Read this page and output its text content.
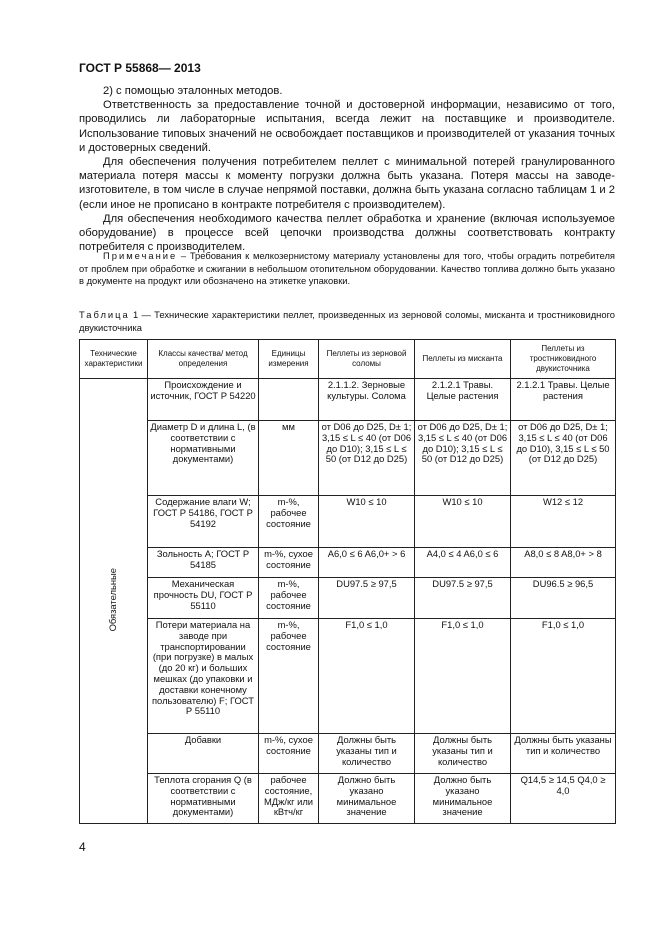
ГОСТ Р 55868— 2013

2) с помощью эталонных методов.

Ответственность за предоставление точной и достоверной информации, независимо от того, проводились ли лабораторные испытания, всегда лежит на поставщике и производителе. Использование типовых значений не освобождает поставщиков и производителей от указания точных и достоверных сведений.

Для обеспечения получения потребителем пеллет с минимальной потерей гранулированного материала потеря массы к моменту погрузки должна быть указана. Потеря массы на заводе-изготовителе, в том числе в случае непрямой поставки, должна быть указана согласно таблицам 1 и 2 (если иное не прописано в контракте потребителя с производителем).

Для обеспечения необходимого качества пеллет обработка и хранение (включая используемое оборудование) в процессе всей цепочки производства должны соответствовать контракту потребителя с производителем.

Примечание – Требования к мелкозернистому материалу установлены для того, чтобы оградить потребителя от проблем при обработке и сжигании в небольшом отопительном оборудовании. Качество топлива должно быть указано в документе на продукт или обозначено на этикетке упаковки.

Таблица 1 — Технические характеристики пеллет, произведенных из зерновой соломы, мисканта и тростниковидного двукисточника
Технические характеристики	Классы качества/ метод определения	Единицы измерения	Пеллеты из зерновой соломы	Пеллеты из мисканта	Пеллеты из тростниковидного двукисточника
Обязательные	Происхождение и источник, ГОСТ Р 54220		2.1.1.2. Зерновые культуры. Солома	2.1.2.1 Травы. Целые растения	2.1.2.1 Травы. Целые растения
	Диаметр D и длина L, (в соответствии с нормативными документами)	мм	от D06 до D25, D± 1; 3,15 ≤ L ≤ 40 (от D06 до D10); 3,15 ≤ L ≤ 50 (от D12 до D25)	от D06 до D25, D± 1; 3,15 ≤ L ≤ 40 (от D06 до D10); 3,15 ≤ L ≤ 50 (от D12 до D25)	от D06 до D25, D± 1; 3,15 ≤ L ≤ 40 (от D06 до D10), 3,15 ≤ L ≤ 50 (от D12 до D25)
	Содержание влаги W; ГОСТ Р 54186, ГОСТ Р 54192	m-%, рабочее состояние	W10 ≤ 10	W10 ≤ 10	W12 ≤ 12
	Зольность A; ГОСТ Р 54185	m-%, сухое состояние	A6,0 ≤ 6 A6,0+ > 6	A4,0 ≤ 4 A6,0 ≤ 6	A8,0 ≤ 8 A8,0+ > 8
	Механическая прочность DU, ГОСТ Р 55110	m-%, рабочее состояние	DU97.5 ≥ 97,5	DU97.5 ≥ 97,5	DU96.5 ≥ 96,5
	Потери материала на заводе при транспортировании (при погрузке) в малых (до 20 кг) и больших мешках (до упаковки и доставки конечному пользователю) F; ГОСТ Р 55110	m-%, рабочее состояние	F1,0 ≤ 1,0	F1,0 ≤ 1,0	F1,0 ≤ 1,0
	Добавки	m-%, сухое состояние	Должны быть указаны тип и количество	Должны быть указаны тип и количество	Должны быть указаны тип и количество
	Теплота сгорания Q (в соответствии с нормативными документами)	рабочее состояние, МДж/кг или кВтч/кг	Должно быть указано минимальное значение	Должно быть указано минимальное значение	Q14,5 ≥ 14,5 Q4,0 ≥ 4,0
4
